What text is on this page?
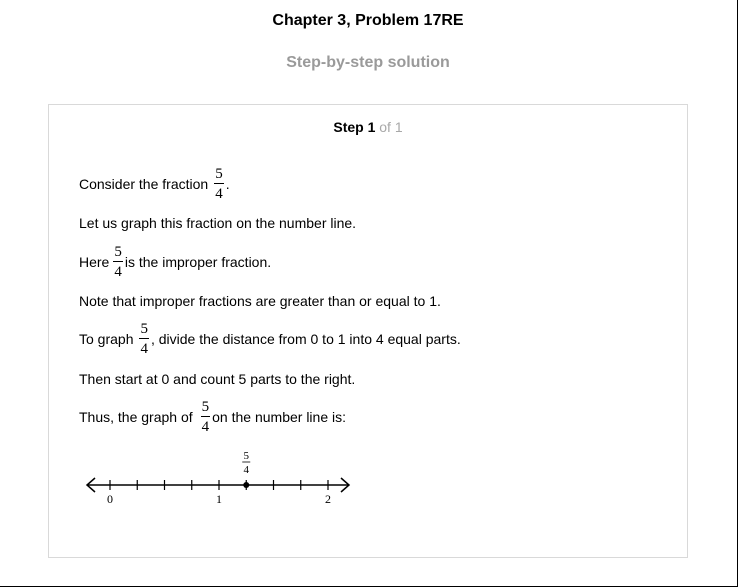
Chapter 3, Problem 17RE
Step-by-step solution
Step 1 of 1
Consider the fraction $\frac{5}{4}$ .
Let us graph this fraction on the number line.
Here $\frac{5}{4}$ is the improper fraction.
Note that improper fractions are greater than or equal to 1.
To graph $\frac{5}{4}$ , divide the distance from 0 to 1 into 4 equal parts.
Then start at 0 and count 5 parts to the right.
Thus, the graph of $\frac{5}{4}$ on the number line is:
0	1	2
5
4
